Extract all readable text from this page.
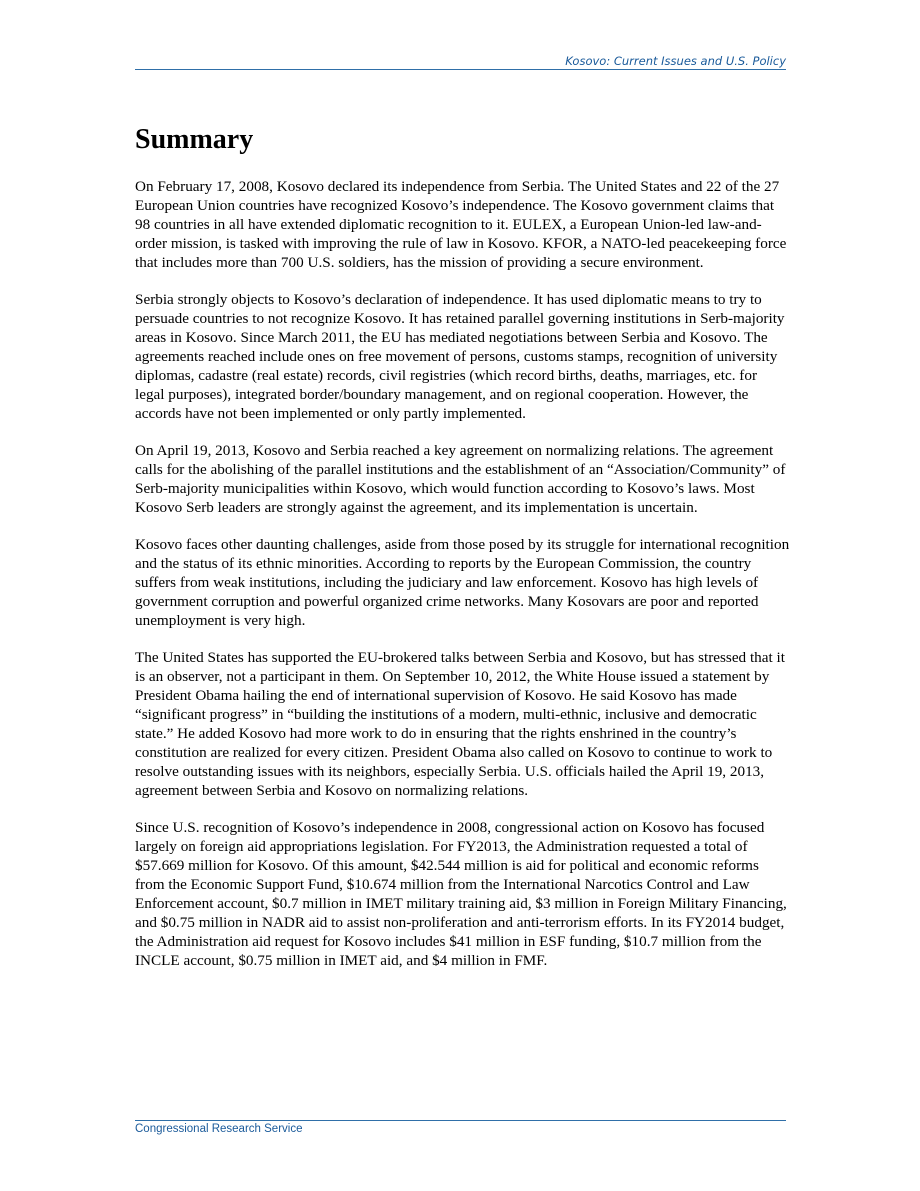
Kosovo: Current Issues and U.S. Policy
Summary

On February 17, 2008, Kosovo declared its independence from Serbia. The United States and 22 of the 27 European Union countries have recognized Kosovo’s independence. The Kosovo government claims that 98 countries in all have extended diplomatic recognition to it. EULEX, a European Union-led law-and-order mission, is tasked with improving the rule of law in Kosovo. KFOR, a NATO-led peacekeeping force that includes more than 700 U.S. soldiers, has the mission of providing a secure environment.

Serbia strongly objects to Kosovo’s declaration of independence. It has used diplomatic means to try to persuade countries to not recognize Kosovo. It has retained parallel governing institutions in Serb-majority areas in Kosovo. Since March 2011, the EU has mediated negotiations between Serbia and Kosovo. The agreements reached include ones on free movement of persons, customs stamps, recognition of university diplomas, cadastre (real estate) records, civil registries (which record births, deaths, marriages, etc. for legal purposes), integrated border/boundary management, and on regional cooperation. However, the accords have not been implemented or only partly implemented.

On April 19, 2013, Kosovo and Serbia reached a key agreement on normalizing relations. The agreement calls for the abolishing of the parallel institutions and the establishment of an “Association/Community” of Serb-majority municipalities within Kosovo, which would function according to Kosovo’s laws. Most Kosovo Serb leaders are strongly against the agreement, and its implementation is uncertain.

Kosovo faces other daunting challenges, aside from those posed by its struggle for international recognition and the status of its ethnic minorities. According to reports by the European Commission, the country suffers from weak institutions, including the judiciary and law enforcement. Kosovo has high levels of government corruption and powerful organized crime networks. Many Kosovars are poor and reported unemployment is very high.

The United States has supported the EU-brokered talks between Serbia and Kosovo, but has stressed that it is an observer, not a participant in them. On September 10, 2012, the White House issued a statement by President Obama hailing the end of international supervision of Kosovo. He said Kosovo has made “significant progress” in “building the institutions of a modern, multi-ethnic, inclusive and democratic state.” He added Kosovo had more work to do in ensuring that the rights enshrined in the country’s constitution are realized for every citizen. President Obama also called on Kosovo to continue to work to resolve outstanding issues with its neighbors, especially Serbia. U.S. officials hailed the April 19, 2013, agreement between Serbia and Kosovo on normalizing relations.

Since U.S. recognition of Kosovo’s independence in 2008, congressional action on Kosovo has focused largely on foreign aid appropriations legislation. For FY2013, the Administration requested a total of $57.669 million for Kosovo. Of this amount, $42.544 million is aid for political and economic reforms from the Economic Support Fund, $10.674 million from the International Narcotics Control and Law Enforcement account, $0.7 million in IMET military training aid, $3 million in Foreign Military Financing, and $0.75 million in NADR aid to assist non-proliferation and anti-terrorism efforts. In its FY2014 budget, the Administration aid request for Kosovo includes $41 million in ESF funding, $10.7 million from the INCLE account, $0.75 million in IMET aid, and $4 million in FMF.

Congressional Research Service
